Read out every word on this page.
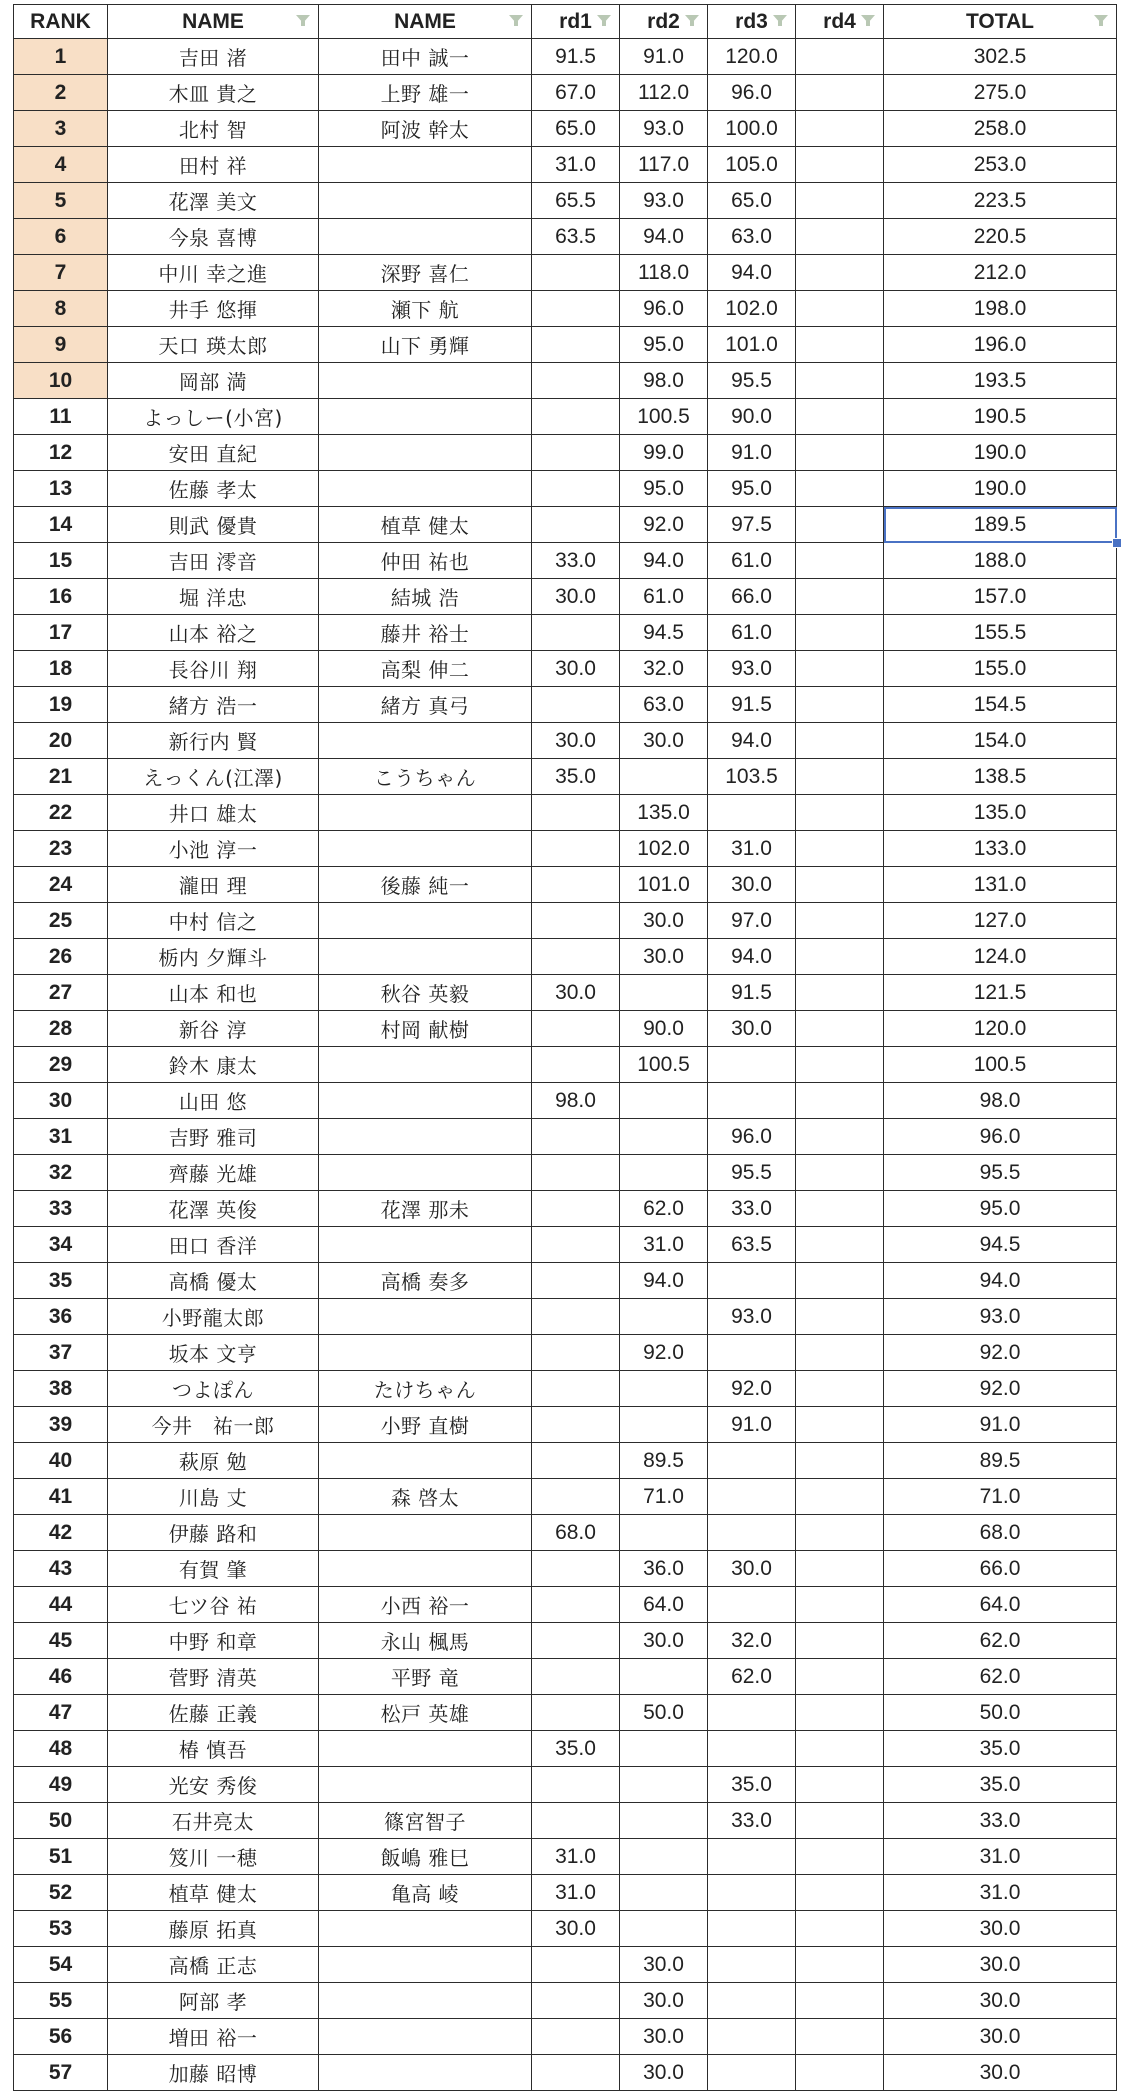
RANK	NAME	NAME	rd1	rd2	rd3	rd4	TOTAL

1	吉田 渚	田中 誠一	91.5	91.0	120.0		302.5
2	木皿 貴之	上野 雄一	67.0	112.0	96.0		275.0
3	北村 智	阿波 幹太	65.0	93.0	100.0		258.0
4	田村 祥		31.0	117.0	105.0		253.0
5	花澤 美文		65.5	93.0	65.0		223.5
6	今泉 喜博		63.5	94.0	63.0		220.5
7	中川 幸之進	深野 喜仁		118.0	94.0		212.0
8	井手 悠揮	瀬下 航		96.0	102.0		198.0
9	天口 瑛太郎	山下 勇輝		95.0	101.0		196.0
10	岡部 満			98.0	95.5		193.5
11	よっしー(小宮)			100.5	90.0		190.5
12	安田 直紀			99.0	91.0		190.0
13	佐藤 孝太			95.0	95.0		190.0
14	則武 優貴	植草 健太		92.0	97.5		189.5
15	吉田 澪音	仲田 祐也	33.0	94.0	61.0		188.0
16	堀 洋忠	結城 浩	30.0	61.0	66.0		157.0
17	山本 裕之	藤井 裕士		94.5	61.0		155.5
18	長谷川 翔	高梨 伸二	30.0	32.0	93.0		155.0
19	緒方 浩一	緒方 真弓		63.0	91.5		154.5
20	新行内 賢		30.0	30.0	94.0		154.0
21	えっくん(江澤)	こうちゃん	35.0		103.5		138.5
22	井口 雄太			135.0			135.0
23	小池 淳一			102.0	31.0		133.0
24	瀧田 理	後藤 純一		101.0	30.0		131.0
25	中村 信之			30.0	97.0		127.0
26	栃内 夕輝斗			30.0	94.0		124.0
27	山本 和也	秋谷 英毅	30.0		91.5		121.5
28	新谷 淳	村岡 献樹		90.0	30.0		120.0
29	鈴木 康太			100.5			100.5
30	山田 悠		98.0				98.0
31	吉野 雅司				96.0		96.0
32	齊藤 光雄				95.5		95.5
33	花澤 英俊	花澤 那未		62.0	33.0		95.0
34	田口 香洋			31.0	63.5		94.5
35	高橋 優太	高橋 奏多		94.0			94.0
36	小野龍太郎				93.0		93.0
37	坂本 文亨			92.0			92.0
38	つよぽん	たけちゃん			92.0		92.0
39	今井　祐一郎	小野 直樹			91.0		91.0
40	萩原 勉			89.5			89.5
41	川島 丈	森 啓太		71.0			71.0
42	伊藤 路和		68.0				68.0
43	有賀 肇			36.0	30.0		66.0
44	七ツ谷 祐	小西 裕一		64.0			64.0
45	中野 和章	永山 楓馬		30.0	32.0		62.0
46	菅野 清英	平野 竜			62.0		62.0
47	佐藤 正義	松戸 英雄		50.0			50.0
48	椿 慎吾		35.0				35.0
49	光安 秀俊				35.0		35.0
50	石井亮太	篠宮智子			33.0		33.0
51	笈川 一穂	飯嶋 雅巳	31.0				31.0
52	植草 健太	亀高 崚	31.0				31.0
53	藤原 拓真		30.0				30.0
54	高橋 正志			30.0			30.0
55	阿部 孝			30.0			30.0
56	増田 裕一			30.0			30.0
57	加藤 昭博			30.0			30.0
